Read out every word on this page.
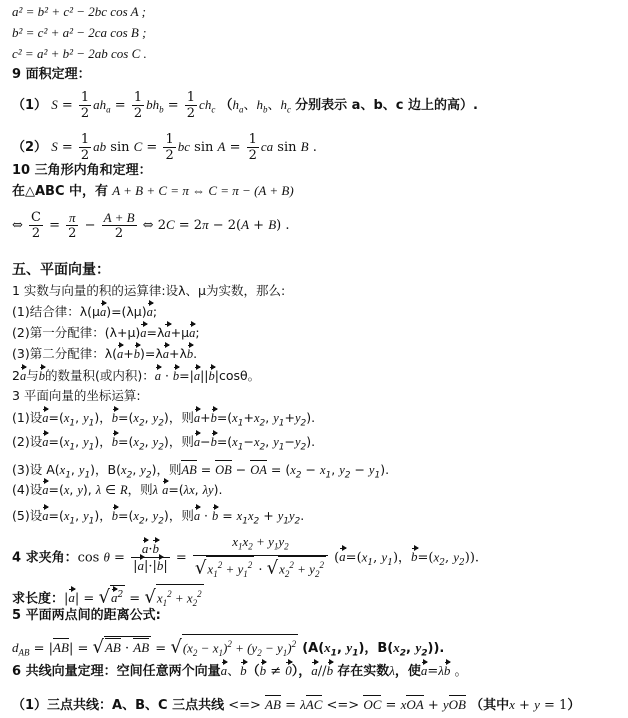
a² = b² + c² − 2bc cos A ;
b² = c² + a² − 2ca cos B ;
c² = a² + b² − 2ab cos C .
9 面积定理：
（1） $S = \frac{1}{2} ah_a = \frac{1}{2} bh_b = \frac{1}{2} ch_c$ （$h_a$、$h_b$、$h_c$ 分别表示 a、b、c 边上的高）.
（2） $S = \frac{1}{2}$ ab $\sin C = \frac{1}{2}$ bc $\sin A = \frac{1}{2}$ ca sin B .
10 三角形内角和定理：
在△ABC 中，有 A + B + C = π ⇔ C = π − (A + B)
⇔ $\frac{C}{2} = \frac{\pi}{2} - \frac{A + B}{2}$ ⇔ 2C = 2π − 2(A + B) .
五、平面向量：
1 实数与向量的积的运算律:设λ、μ为实数，那么:
(1)结合律：λ(μa)=(λμ)a;
(2)第一分配律：(λ+μ)a=λa+μa;
(3)第二分配律：λ(a+b)=λa+λb.
2a与b的数量积(或内积)：a · b=|a||b|cosθ。
3 平面向量的坐标运算:
(1)设$a=(x_1$, $y_1$)，$b=(x_2$, $y_2$)，则$a+b=(x_1+x_2$, $y_1+y_2$).
(2)设$a=(x_1$, $y_1$)，$b=(x_2$, $y_2$)，则$a-b=(x_1-x_2$, $y_1-y_2$).
(3)设 $A(x_1$, $y_1$)，$B(x_2$, $y_2$)，则AB = OB − OA = ($x_2 - x_1$, $y_2 - y_1$).
(4)设a=(x, y), λ ∈ R，则λ a=(λx, λy).
(5)设$a=(x_1$, $y_1$)，$b=(x_2$, $y_2$)，则$a \cdot b = x_1x_2 + y_1y_2$.
4 求夹角：$\cos \theta = \frac{a\cdot b}{|a|\cdot|b|} = \frac{x_1x_2 + y_1y_2}{√x_1^2 + y_1^2 \cdot √x_2^2 + y_2^2} (a=(x_1$, $y_1$)，$b=(x_2$, $y_2$)).
求长度：$|a| = √a^2 = √x_1^2 + x_2^2$
5 平面两点间的距离公式:
$d_{AB} = |AB| = √AB$ · AB = $√(x_2 - x_1)^2 + (y_2 - y_1)^2$ ($A(x_1$, $y_1$)，$B(x_2$, $y_2$)).
6 共线向量定理：空间任意两个向量a、b（b ≠ 0），a//b 存在实数λ，使a=λb 。
（1）三点共线：A、B、C 三点共线 <=> AB = λAC <=> OC = xOA + yOB （其中x + y = 1）
